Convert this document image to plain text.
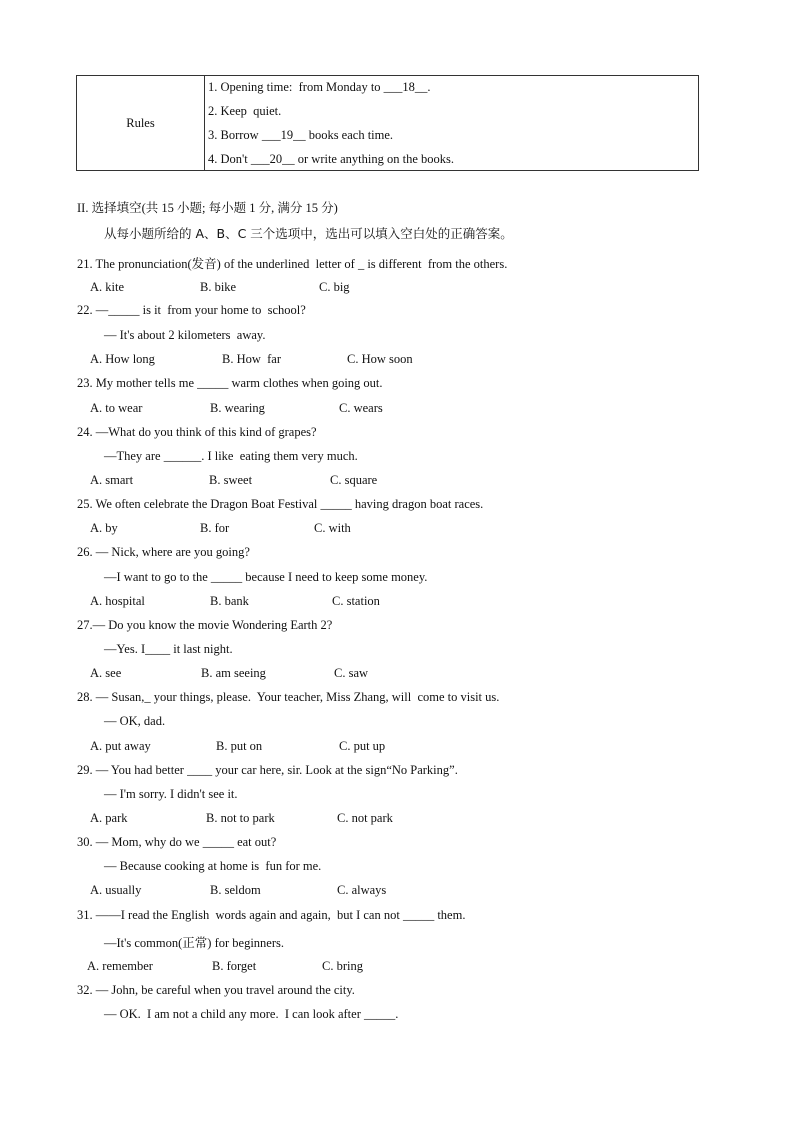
Rules
1. Opening time:  from Monday to ___18__.
2. Keep  quiet.
3. Borrow ___19__ books each time.
4. Don't ___20__ or write anything on the books.
II. 选择填空(共 15 小题; 每小题 1 分, 满分 15 分)
从每小题所给的 A、B、C 三个选项中，选出可以填入空白处的正确答案。
21. The pronunciation(发音) of the underlined  letter of _ is different  from the others.
A. kite	B. bike	C. big
22. —_____ is it  from your home to  school?
— It's about 2 kilometers  away.
A. How long	B. How  far	C. How soon
23. My mother tells me _____ warm clothes when going out.
A. to wear	B. wearing	C. wears
24. —What do you think of this kind of grapes?
—They are ______. I like  eating them very much.
A. smart	B. sweet	C. square
25. We often celebrate the Dragon Boat Festival _____ having dragon boat races.
A. by	B. for	C. with
26. — Nick, where are you going?
—I want to go to the _____ because I need to keep some money.
A. hospital	B. bank	C. station
27.— Do you know the movie Wondering Earth 2?
—Yes. I____ it last night.
A. see	B. am seeing	C. saw
28. — Susan,_ your things, please.  Your teacher, Miss Zhang, will  come to visit us.
— OK, dad.
A. put away	B. put on	C. put up
29. — You had better ____ your car here, sir. Look at the sign“No Parking”.
— I'm sorry. I didn't see it.
A. park	B. not to park	C. not park
30. — Mom, why do we _____ eat out?
— Because cooking at home is  fun for me.
A. usually	B. seldom	C. always
31. ——I read the English  words again and again,  but I can not _____ them.
—It's common(正常) for beginners.
A. remember	B. forget	C. bring
32. — John, be careful when you travel around the city.
— OK.  I am not a child any more.  I can look after _____.
